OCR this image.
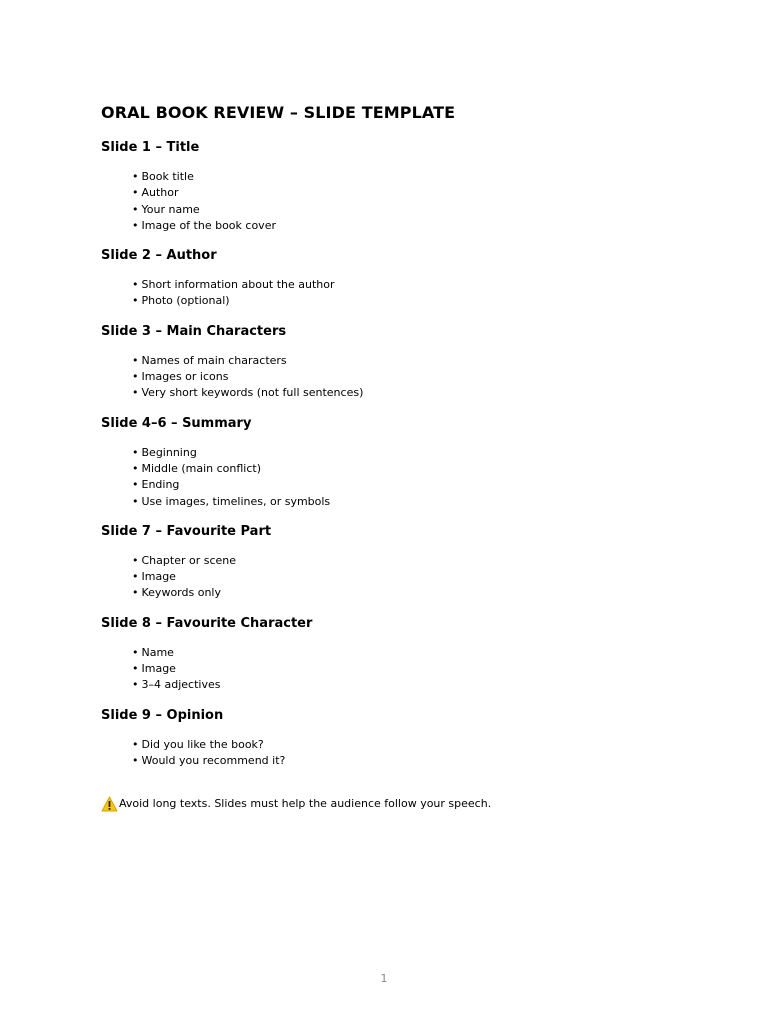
ORAL BOOK REVIEW – SLIDE TEMPLATE
Slide 1 – Title
• Book title
• Author
• Your name
• Image of the book cover
Slide 2 – Author
• Short information about the author
• Photo (optional)
Slide 3 – Main Characters
• Names of main characters
• Images or icons
• Very short keywords (not full sentences)
Slide 4–6 – Summary
• Beginning
• Middle (main conflict)
• Ending
• Use images, timelines, or symbols
Slide 7 – Favourite Part
• Chapter or scene
• Image
• Keywords only
Slide 8 – Favourite Character
• Name
• Image
• 3–4 adjectives
Slide 9 – Opinion
• Did you like the book?
• Would you recommend it?
Avoid long texts. Slides must help the audience follow your speech.
1
